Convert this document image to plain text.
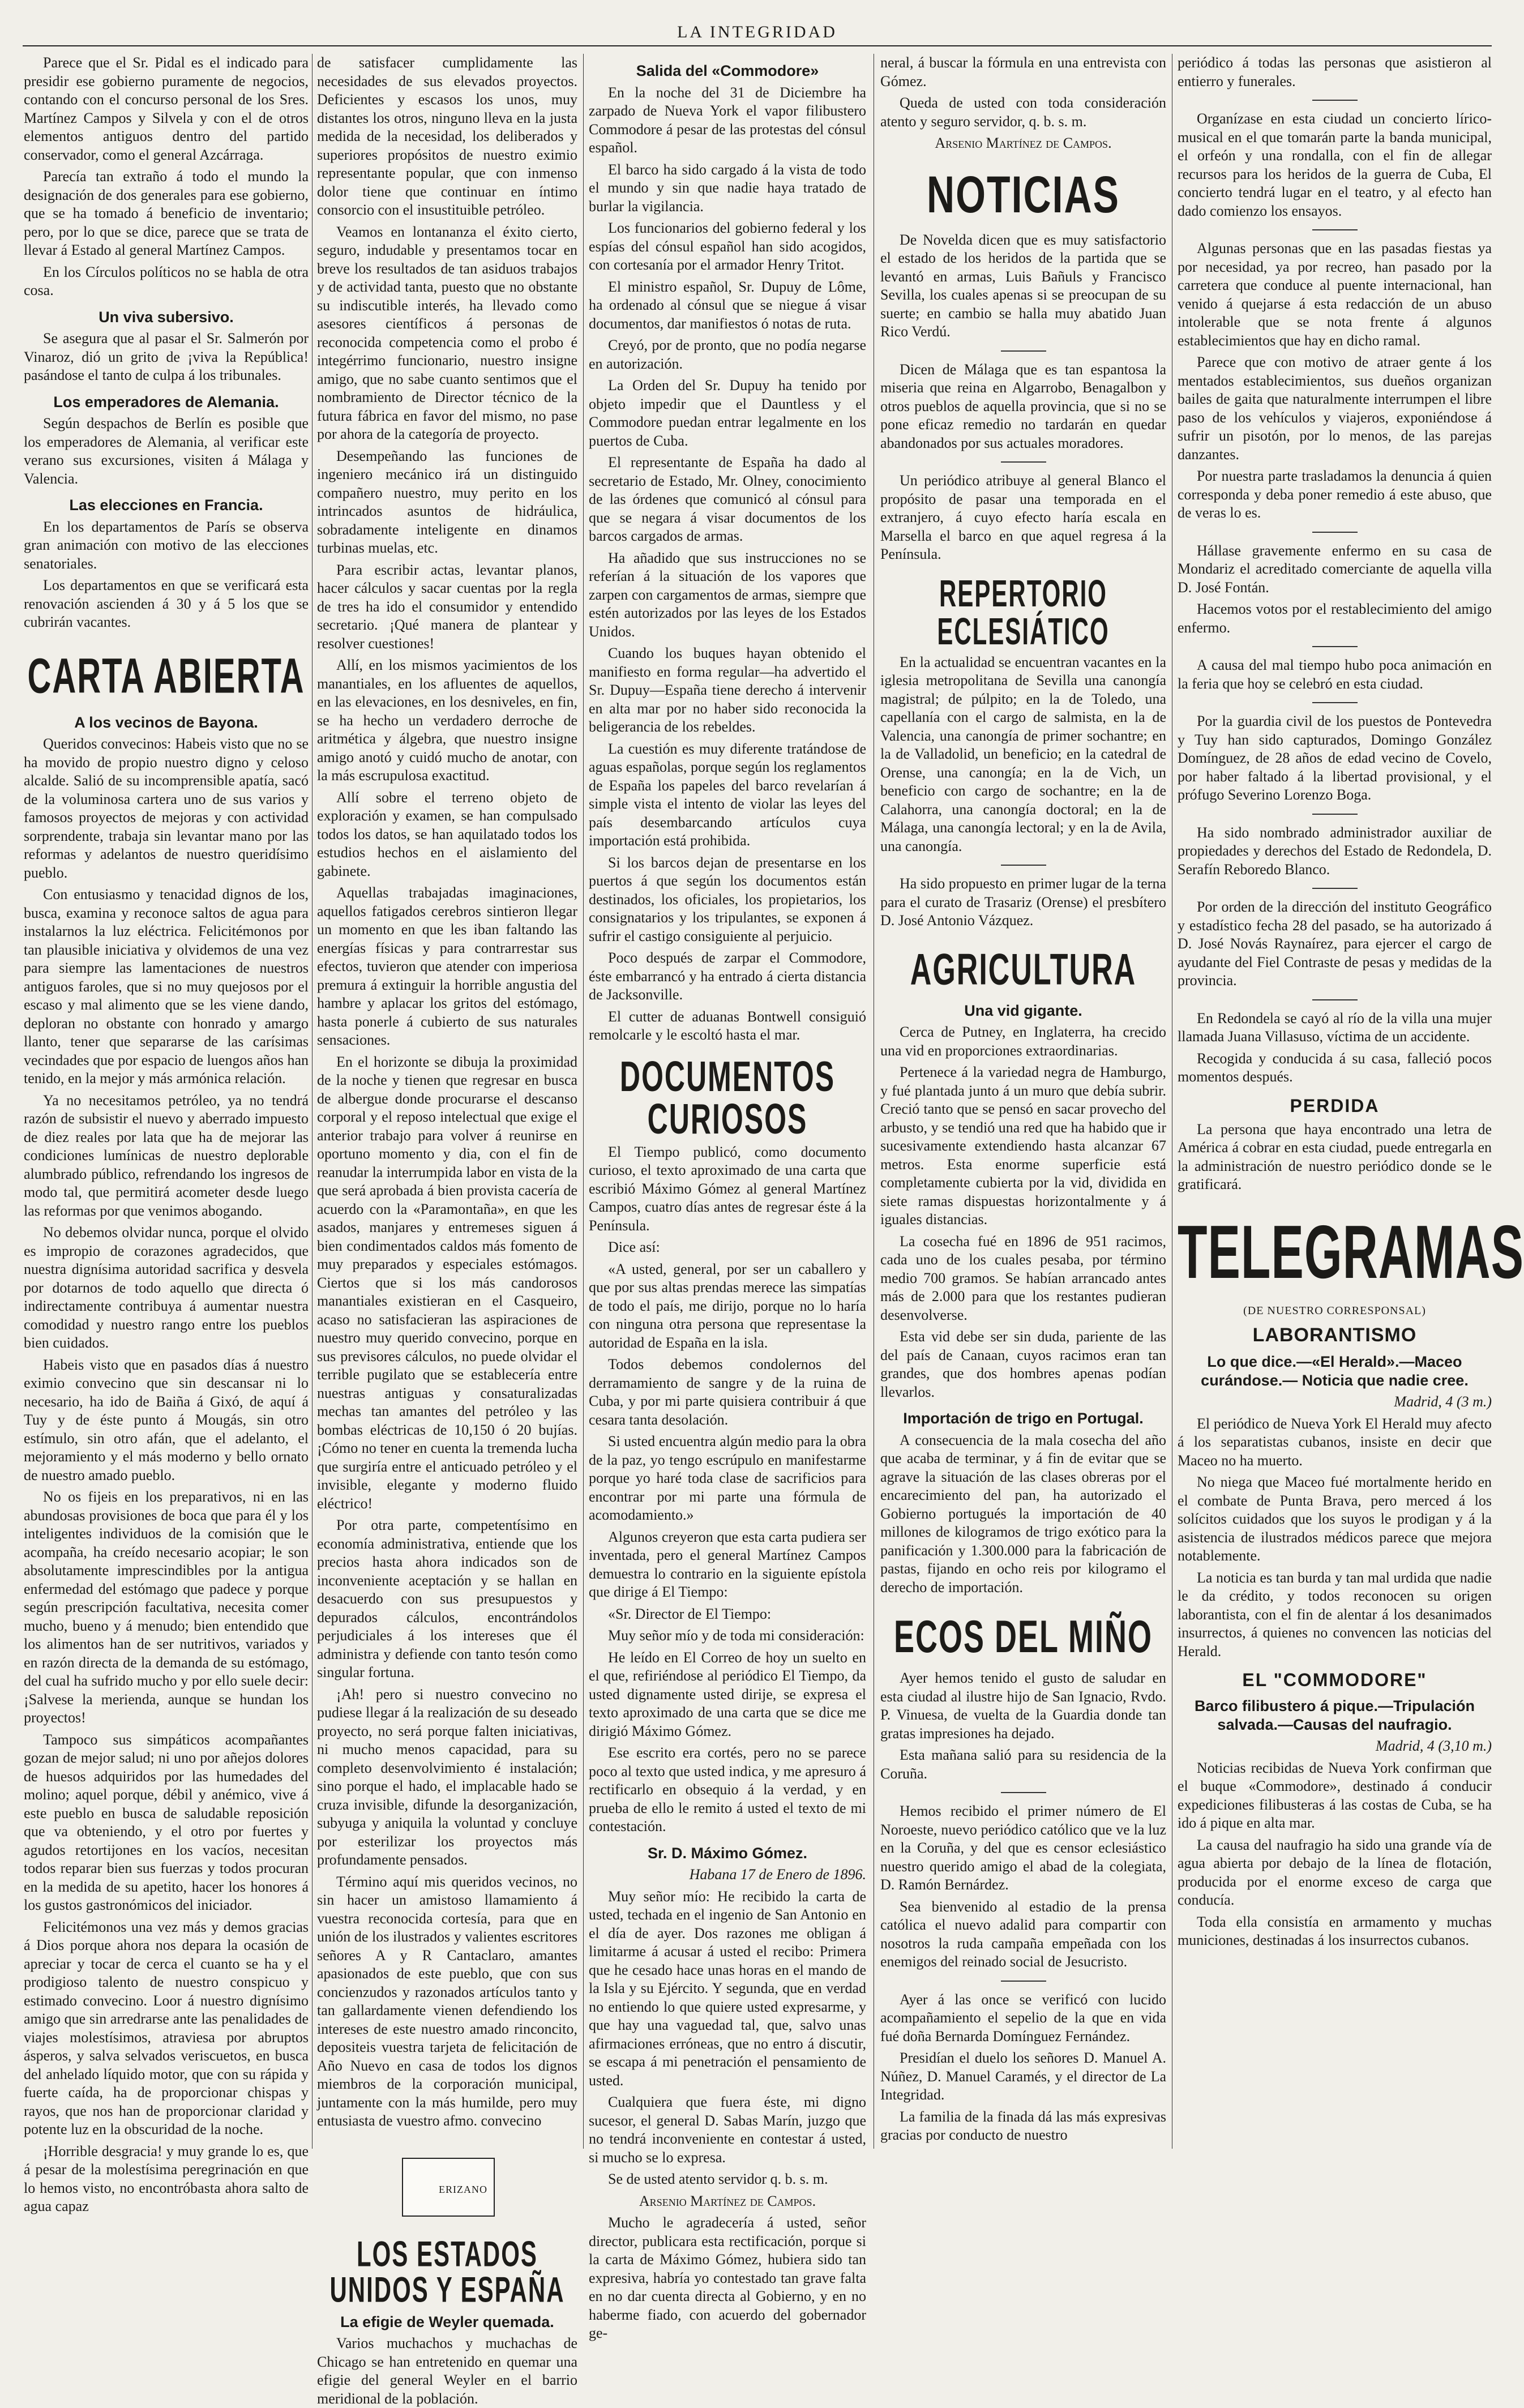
LA INTEGRIDAD

Parece que el Sr. Pidal es el indicado para presidir ese gobierno puramente de negocios, contando con el concurso personal de los Sres. Martínez Campos y Silvela y con el de otros elementos antiguos dentro del partido conservador, como el general Azcárraga.

Parecía tan extraño á todo el mundo la designación de dos generales para ese gobierno, que se ha tomado á beneficio de inventario; pero, por lo que se dice, parece que se trata de llevar á Estado al general Martínez Campos.

En los Círculos políticos no se habla de otra cosa.

Un viva subersivo.

Se asegura que al pasar el Sr. Salmerón por Vinaroz, dió un grito de ¡viva la República! pasándose el tanto de culpa á los tribunales.

Los emperadores de Alemania.

Según despachos de Berlín es posible que los emperadores de Alemania, al verificar este verano sus excursiones, visiten á Málaga y Valencia.

Las elecciones en Francia.

En los departamentos de París se observa gran animación con motivo de las elecciones senatoriales.

Los departamentos en que se verificará esta renovación ascienden á 30 y á 5 los que se cubrirán vacantes.

CARTA ABIERTA
A los vecinos de Bayona.

Queridos convecinos: Habeis visto que no se ha movido de propio nuestro digno y celoso alcalde. Salió de su incomprensible apatía, sacó de la voluminosa cartera uno de sus varios y famosos proyectos de mejoras y con actividad sorprendente, trabaja sin levantar mano por las reformas y adelantos de nuestro queridísimo pueblo.

Con entusiasmo y tenacidad dignos de los, busca, examina y reconoce saltos de agua para instalarnos la luz eléctrica. Felicitémonos por tan plausible iniciativa y olvidemos de una vez para siempre las lamentaciones de nuestros antiguos faroles, que si no muy quejosos por el escaso y mal alimento que se les viene dando, deploran no obstante con honrado y amargo llanto, tener que separarse de las carísimas vecindades que por espacio de luengos años han tenido, en la mejor y más armónica relación.

Ya no necesitamos petróleo, ya no tendrá razón de subsistir el nuevo y aberrado impuesto de diez reales por lata que ha de mejorar las condiciones lumínicas de nuestro deplorable alumbrado público, refrendando los ingresos de modo tal, que permitirá acometer desde luego las reformas por que venimos abogando.

No debemos olvidar nunca, porque el olvido es impropio de corazones agradecidos, que nuestra dignísima autoridad sacrifica y desvela por dotarnos de todo aquello que directa ó indirectamente contribuya á aumentar nuestra comodidad y nuestro rango entre los pueblos bien cuidados.

Habeis visto que en pasados días á nuestro eximio convecino que sin descansar ni lo necesario, ha ido de Baiña á Gixó, de aquí á Tuy y de éste punto á Mougás, sin otro estímulo, sin otro afán, que el adelanto, el mejoramiento y el más moderno y bello ornato de nuestro amado pueblo.

No os fijeis en los preparativos, ni en las abundosas provisiones de boca que para él y los inteligentes individuos de la comisión que le acompaña, ha creído necesario acopiar; le son absolutamente imprescindibles por la antigua enfermedad del estómago que padece y porque según prescripción facultativa, necesita comer mucho, bueno y á menudo; bien entendido que los alimentos han de ser nutritivos, variados y en razón directa de la demanda de su estómago, del cual ha sufrido mucho y por ello suele decir: ¡Salvese la merienda, aunque se hundan los proyectos!

Tampoco sus simpáticos acompañantes gozan de mejor salud; ni uno por añejos dolores de huesos adquiridos por las humedades del molino; aquel porque, débil y anémico, vive á este pueblo en busca de saludable reposición que va obteniendo, y el otro por fuertes y agudos retortijones en los vacíos, necesitan todos reparar bien sus fuerzas y todos procuran en la medida de su apetito, hacer los honores á los gustos gastronómicos del iniciador.

Felicitémonos una vez más y demos gracias á Dios porque ahora nos depara la ocasión de apreciar y tocar de cerca el cuanto se ha y el prodigioso talento de nuestro conspicuo y estimado convecino. Loor á nuestro dignísimo amigo que sin arredrarse ante las penalidades de viajes molestísimos, atraviesa por abruptos ásperos, y salva selvados veriscuetos, en busca del anhelado líquido motor, que con su rápida y fuerte caída, ha de proporcionar chispas y rayos, que nos han de proporcionar claridad y potente luz en la obscuridad de la noche.

¡Horrible desgracia! y muy grande lo es, que á pesar de la molestísima peregrinación en que lo hemos visto, no encontróbasta ahora salto de agua capaz

de satisfacer cumplidamente las necesidades de sus elevados proyectos. Deficientes y escasos los unos, muy distantes los otros, ninguno lleva en la justa medida de la necesidad, los deliberados y superiores propósitos de nuestro eximio representante popular, que con inmenso dolor tiene que continuar en íntimo consorcio con el insustituible petróleo.

Veamos en lontananza el éxito cierto, seguro, indudable y presentamos tocar en breve los resultados de tan asiduos trabajos y de actividad tanta, puesto que no obstante su indiscutible interés, ha llevado como asesores científicos á personas de reconocida competencia como el probo é integérrimo funcionario, nuestro insigne amigo, que no sabe cuanto sentimos que el nombramiento de Director técnico de la futura fábrica en favor del mismo, no pase por ahora de la categoría de proyecto.

Desempeñando las funciones de ingeniero mecánico irá un distinguido compañero nuestro, muy perito en los intrincados asuntos de hidráulica, sobradamente inteligente en dinamos turbinas muelas, etc.

Para escribir actas, levantar planos, hacer cálculos y sacar cuentas por la regla de tres ha ido el consumidor y entendido secretario. ¡Qué manera de plantear y resolver cuestiones!

Allí, en los mismos yacimientos de los manantiales, en los afluentes de aquellos, en las elevaciones, en los desniveles, en fin, se ha hecho un verdadero derroche de aritmética y álgebra, que nuestro insigne amigo anotó y cuidó mucho de anotar, con la más escrupulosa exactitud.

Allí sobre el terreno objeto de exploración y examen, se han compulsado todos los datos, se han aquilatado todos los estudios hechos en el aislamiento del gabinete.

Aquellas trabajadas imaginaciones, aquellos fatigados cerebros sintieron llegar un momento en que les iban faltando las energías físicas y para contrarrestar sus efectos, tuvieron que atender con imperiosa premura á extinguir la horrible angustia del hambre y aplacar los gritos del estómago, hasta ponerle á cubierto de sus naturales sensaciones.

En el horizonte se dibuja la proximidad de la noche y tienen que regresar en busca de albergue donde procurarse el descanso corporal y el reposo intelectual que exige el anterior trabajo para volver á reunirse en oportuno momento y dia, con el fin de reanudar la interrumpida labor en vista de la que será aprobada á bien provista cacería de acuerdo con la «Paramontaña», en que les asados, manjares y entremeses siguen á bien condimentados caldos más fomento de muy preparados y especiales estómagos. Ciertos que si los más candorosos manantiales existieran en el Casqueiro, acaso no satisfacieran las aspiraciones de nuestro muy querido convecino, porque en sus previsores cálculos, no puede olvidar el terrible pugilato que se establecería entre nuestras antiguas y consaturalizadas mechas tan amantes del petróleo y las bombas eléctricas de 10,150 ó 20 bujías. ¡Cómo no tener en cuenta la tremenda lucha que surgiría entre el anticuado petróleo y el invisible, elegante y moderno fluido eléctrico!

Por otra parte, competentísimo en economía administrativa, entiende que los precios hasta ahora indicados son de inconveniente aceptación y se hallan en desacuerdo con sus presupuestos y depurados cálculos, encontrándolos perjudiciales á los intereses que él administra y defiende con tanto tesón como singular fortuna.

¡Ah! pero si nuestro convecino no pudiese llegar á la realización de su deseado proyecto, no será porque falten iniciativas, ni mucho menos capacidad, para su completo desenvolvimiento é instalación; sino porque el hado, el implacable hado se cruza invisible, difunde la desorganización, subyuga y aniquila la voluntad y concluye por esterilizar los proyectos más profundamente pensados.

Término aquí mis queridos vecinos, no sin hacer un amistoso llamamiento á vuestra reconocida cortesía, para que en unión de los ilustrados y valientes escritores señores A y R Cantaclaro, amantes apasionados de este pueblo, que con sus concienzudos y razonados artículos tanto y tan gallardamente vienen defendiendo los intereses de este nuestro amado rinconcito, depositeis vuestra tarjeta de felicitación de Año Nuevo en casa de todos los dignos miembros de la corporación municipal, juntamente con la más humilde, pero muy entusiasta de vuestro afmo. convecino

ERIZANO
LOS ESTADOS UNIDOS Y ESPAÑA
La efigie de Weyler quemada.

Varios muchachos y muchachas de Chicago se han entretenido en quemar una efigie del general Weyler en el barrio meridional de la población.

Salida del «Commodore»

En la noche del 31 de Diciembre ha zarpado de Nueva York el vapor filibustero Commodore á pesar de las protestas del cónsul español.

El barco ha sido cargado á la vista de todo el mundo y sin que nadie haya tratado de burlar la vigilancia.

Los funcionarios del gobierno federal y los espías del cónsul español han sido acogidos, con cortesanía por el armador Henry Tritot.

El ministro español, Sr. Dupuy de Lôme, ha ordenado al cónsul que se niegue á visar documentos, dar manifiestos ó notas de ruta.

Creyó, por de pronto, que no podía negarse en autorización.

La Orden del Sr. Dupuy ha tenido por objeto impedir que el Dauntless y el Commodore puedan entrar legalmente en los puertos de Cuba.

El representante de España ha dado al secretario de Estado, Mr. Olney, conocimiento de las órdenes que comunicó al cónsul para que se negara á visar documentos de los barcos cargados de armas.

Ha añadido que sus instrucciones no se referían á la situación de los vapores que zarpen con cargamentos de armas, siempre que estén autorizados por las leyes de los Estados Unidos.

Cuando los buques hayan obtenido el manifiesto en forma regular—ha advertido el Sr. Dupuy—España tiene derecho á intervenir en alta mar por no haber sido reconocida la beligerancia de los rebeldes.

La cuestión es muy diferente tratándose de aguas españolas, porque según los reglamentos de España los papeles del barco revelarían á simple vista el intento de violar las leyes del país desembarcando artículos cuya importación está prohibida.

Si los barcos dejan de presentarse en los puertos á que según los documentos están destinados, los oficiales, los propietarios, los consignatarios y los tripulantes, se exponen á sufrir el castigo consiguiente al perjuicio.

Poco después de zarpar el Commodore, éste embarrancó y ha entrado á cierta distancia de Jacksonville.

El cutter de aduanas Bontwell consiguió remolcarle y le escoltó hasta el mar.

DOCUMENTOS CURIOSOS

El Tiempo publicó, como documento curioso, el texto aproximado de una carta que escribió Máximo Gómez al general Martínez Campos, cuatro días antes de regresar éste á la Península.

Dice así:

«A usted, general, por ser un caballero y que por sus altas prendas merece las simpatías de todo el país, me dirijo, porque no lo haría con ninguna otra persona que representase la autoridad de España en la isla.

Todos debemos condolernos del derramamiento de sangre y de la ruina de Cuba, y por mi parte quisiera contribuir á que cesara tanta desolación.

Si usted encuentra algún medio para la obra de la paz, yo tengo escrúpulo en manifestarme porque yo haré toda clase de sacrificios para encontrar por mi parte una fórmula de acomodamiento.»

Algunos creyeron que esta carta pudiera ser inventada, pero el general Martínez Campos demuestra lo contrario en la siguiente epístola que dirige á El Tiempo:

«Sr. Director de El Tiempo:

Muy señor mío y de toda mi consideración:

He leído en El Correo de hoy un suelto en el que, refiriéndose al periódico El Tiempo, da usted dignamente usted dirije, se expresa el texto aproximado de una carta que se dice me dirigió Máximo Gómez.

Ese escrito era cortés, pero no se parece poco al texto que usted indica, y me apresuro á rectificarlo en obsequio á la verdad, y en prueba de ello le remito á usted el texto de mi contestación.

Sr. D. Máximo Gómez.
Habana 17 de Enero de 1896.

Muy señor mío: He recibido la carta de usted, techada en el ingenio de San Antonio en el día de ayer. Dos razones me obligan á limitarme á acusar á usted el recibo: Primera que he cesado hace unas horas en el mando de la Isla y su Ejército. Y segunda, que en verdad no entiendo lo que quiere usted expresarme, y que hay una vaguedad tal, que, salvo unas afirmaciones erróneas, que no entro á discutir, se escapa á mi penetración el pensamiento de usted.

Cualquiera que fuera éste, mi digno sucesor, el general D. Sabas Marín, juzgo que no tendrá inconveniente en contestar á usted, si mucho se lo expresa.

Se de usted atento servidor q. b. s. m.

Arsenio Martínez de Campos.

Mucho le agradecería á usted, señor director, publicara esta rectificación, porque si la carta de Máximo Gómez, hubiera sido tan expresiva, habría yo contestado tan grave falta en no dar cuenta directa al Gobierno, y en no haberme fiado, con acuerdo del gobernador ge-

neral, á buscar la fórmula en una entrevista con Gómez.

Queda de usted con toda consideración atento y seguro servidor, q. b. s. m.

Arsenio Martínez de Campos.

NOTICIAS

De Novelda dicen que es muy satisfactorio el estado de los heridos de la partida que se levantó en armas, Luis Bañuls y Francisco Sevilla, los cuales apenas si se preocupan de su suerte; en cambio se halla muy abatido Juan Rico Verdú.

Dicen de Málaga que es tan espantosa la miseria que reina en Algarrobo, Benagalbon y otros pueblos de aquella provincia, que si no se pone eficaz remedio no tardarán en quedar abandonados por sus actuales moradores.

Un periódico atribuye al general Blanco el propósito de pasar una temporada en el extranjero, á cuyo efecto haría escala en Marsella el barco en que aquel regresa á la Península.

REPERTORIO ECLESIÁTICO

En la actualidad se encuentran vacantes en la iglesia metropolitana de Sevilla una canongía magistral; de púlpito; en la de Toledo, una capellanía con el cargo de salmista, en la de Valencia, una canongía de primer sochantre; en la de Valladolid, un beneficio; en la catedral de Orense, una canongía; en la de Vich, un beneficio con cargo de sochantre; en la de Calahorra, una canongía doctoral; en la de Málaga, una canongía lectoral; y en la de Avila, una canongía.

Ha sido propuesto en primer lugar de la terna para el curato de Trasariz (Orense) el presbítero D. José Antonio Vázquez.

AGRICULTURA
Una vid gigante.

Cerca de Putney, en Inglaterra, ha crecido una vid en proporciones extraordinarias.

Pertenece á la variedad negra de Hamburgo, y fué plantada junto á un muro que debía subrir. Creció tanto que se pensó en sacar provecho del arbusto, y se tendió una red que ha habido que ir sucesivamente extendiendo hasta alcanzar 67 metros. Esta enorme superficie está completamente cubierta por la vid, dividida en siete ramas dispuestas horizontalmente y á iguales distancias.

La cosecha fué en 1896 de 951 racimos, cada uno de los cuales pesaba, por término medio 700 gramos. Se habían arrancado antes más de 2.000 para que los restantes pudieran desenvolverse.

Esta vid debe ser sin duda, pariente de las del país de Canaan, cuyos racimos eran tan grandes, que dos hombres apenas podían llevarlos.

Importación de trigo en Portugal.

A consecuencia de la mala cosecha del año que acaba de terminar, y á fin de evitar que se agrave la situación de las clases obreras por el encarecimiento del pan, ha autorizado el Gobierno portugués la importación de 40 millones de kilogramos de trigo exótico para la panificación y 1.300.000 para la fabricación de pastas, fijando en ocho reis por kilogramo el derecho de importación.

ECOS DEL MIÑO

Ayer hemos tenido el gusto de saludar en esta ciudad al ilustre hijo de San Ignacio, Rvdo. P. Vinuesa, de vuelta de la Guardia donde tan gratas impresiones ha dejado.

Esta mañana salió para su residencia de la Coruña.

Hemos recibido el primer número de El Noroeste, nuevo periódico católico que ve la luz en la Coruña, y del que es censor eclesiástico nuestro querido amigo el abad de la colegiata, D. Ramón Bernárdez.

Sea bienvenido al estadio de la prensa católica el nuevo adalid para compartir con nosotros la ruda campaña empeñada con los enemigos del reinado social de Jesucristo.

Ayer á las once se verificó con lucido acompañamiento el sepelio de la que en vida fué doña Bernarda Domínguez Fernández.

Presidían el duelo los señores D. Manuel A. Núñez, D. Manuel Caramés, y el director de La Integridad.

La familia de la finada dá las más expresivas gracias por conducto de nuestro

periódico á todas las personas que asistieron al entierro y funerales.

Organízase en esta ciudad un concierto lírico-musical en el que tomarán parte la banda municipal, el orfeón y una rondalla, con el fin de allegar recursos para los heridos de la guerra de Cuba, El concierto tendrá lugar en el teatro, y al efecto han dado comienzo los ensayos.

Algunas personas que en las pasadas fiestas ya por necesidad, ya por recreo, han pasado por la carretera que conduce al puente internacional, han venido á quejarse á esta redacción de un abuso intolerable que se nota frente á algunos establecimientos que hay en dicho ramal.

Parece que con motivo de atraer gente á los mentados establecimientos, sus dueños organizan bailes de gaita que naturalmente interrumpen el libre paso de los vehículos y viajeros, exponiéndose á sufrir un pisotón, por lo menos, de las parejas danzantes.

Por nuestra parte trasladamos la denuncia á quien corresponda y deba poner remedio á este abuso, que de veras lo es.

Hállase gravemente enfermo en su casa de Mondariz el acreditado comerciante de aquella villa D. José Fontán.

Hacemos votos por el restablecimiento del amigo enfermo.

A causa del mal tiempo hubo poca animación en la feria que hoy se celebró en esta ciudad.

Por la guardia civil de los puestos de Pontevedra y Tuy han sido capturados, Domingo González Domínguez, de 28 años de edad vecino de Covelo, por haber faltado á la libertad provisional, y el prófugo Severino Lorenzo Boga.

Ha sido nombrado administrador auxiliar de propiedades y derechos del Estado de Redondela, D. Serafín Reboredo Blanco.

Por orden de la dirección del instituto Geográfico y estadístico fecha 28 del pasado, se ha autorizado á D. José Novás Raynaírez, para ejercer el cargo de ayudante del Fiel Contraste de pesas y medidas de la provincia.

En Redondela se cayó al río de la villa una mujer llamada Juana Villasuso, víctima de un accidente.

Recogida y conducida á su casa, falleció pocos momentos después.

PERDIDA

La persona que haya encontrado una letra de América á cobrar en esta ciudad, puede entregarla en la administración de nuestro periódico donde se le gratificará.

TELEGRAMAS
(DE NUESTRO CORRESPONSAL)
LABORANTISMO
Lo que dice.—«El Herald».—Maceo curándose.— Noticia que nadie cree.
Madrid, 4 (3 m.)

El periódico de Nueva York El Herald muy afecto á los separatistas cubanos, insiste en decir que Maceo no ha muerto.

No niega que Maceo fué mortalmente herido en el combate de Punta Brava, pero merced á los solícitos cuidados que los suyos le prodigan y á la asistencia de ilustrados médicos parece que mejora notablemente.

La noticia es tan burda y tan mal urdida que nadie le da crédito, y todos reconocen su origen laborantista, con el fin de alentar á los desanimados insurrectos, á quienes no convencen las noticias del Herald.

EL "COMMODORE"
Barco filibustero á pique.—Tripulación salvada.—Causas del naufragio.
Madrid, 4 (3,10 m.)

Noticias recibidas de Nueva York confirman que el buque «Commodore», destinado á conducir expediciones filibusteras á las costas de Cuba, se ha ido á pique en alta mar.

La causa del naufragio ha sido una grande vía de agua abierta por debajo de la línea de flotación, producida por el enorme exceso de carga que conducía.

Toda ella consistía en armamento y muchas municiones, destinadas á los insurrectos cubanos.
